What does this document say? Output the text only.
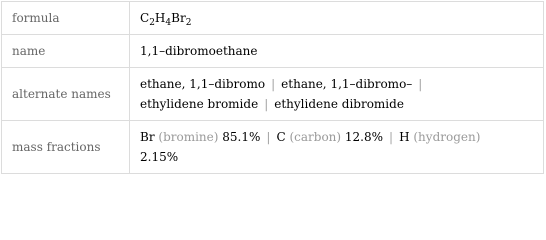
formula	$C_2H_4Br_2$
name	1,1–dibromoethane
alternate names	ethane, 1,1–dibromo | ethane, 1,1–dibromo– |
ethylidene bromide | ethylidene dibromide
mass fractions	Br (bromine) 85.1% | C (carbon) 12.8% | H (hydrogen)
2.15%
